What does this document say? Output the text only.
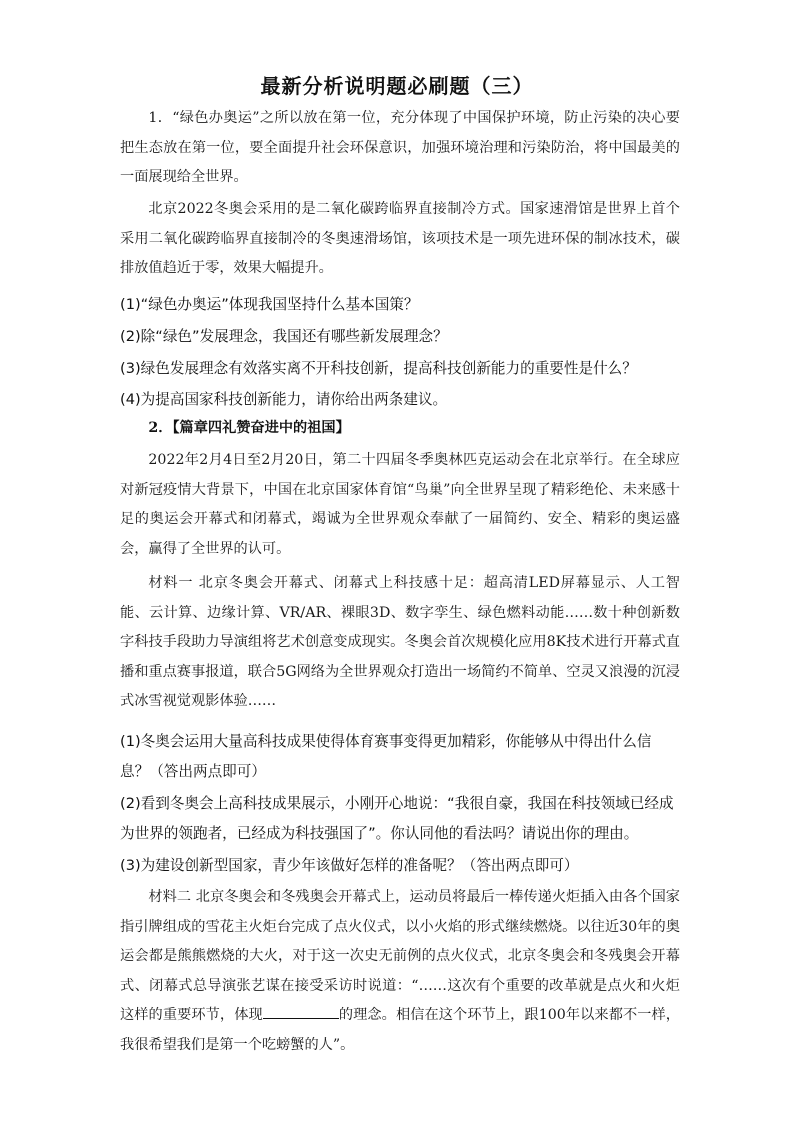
最新分析说明题必刷题（三）

1．“绿色办奥运”之所以放在第一位，充分体现了中国保护环境，防止污染的决心要把生态放在第一位，要全面提升社会环保意识，加强环境治理和污染防治，将中国最美的一面展现给全世界。

北京2022冬奥会采用的是二氧化碳跨临界直接制冷方式。国家速滑馆是世界上首个采用二氧化碳跨临界直接制冷的冬奥速滑场馆，该项技术是一项先进环保的制冰技术，碳排放值趋近于零，效果大幅提升。

(1)“绿色办奥运”体现我国坚持什么基本国策？

(2)除“绿色”发展理念，我国还有哪些新发展理念？

(3)绿色发展理念有效落实离不开科技创新，提高科技创新能力的重要性是什么？

(4)为提高国家科技创新能力，请你给出两条建议。

2．【篇章四礼赞奋进中的祖国】

2022年2月4日至2月20日，第二十四届冬季奥林匹克运动会在北京举行。在全球应对新冠疫情大背景下，中国在北京国家体育馆“鸟巢”向全世界呈现了精彩绝伦、未来感十足的奥运会开幕式和闭幕式，竭诚为全世界观众奉献了一届简约、安全、精彩的奥运盛会，赢得了全世界的认可。

材料一 北京冬奥会开幕式、闭幕式上科技感十足：超高清LED屏幕显示、人工智能、云计算、边缘计算、VR/AR、裸眼3D、数字孪生、绿色燃料动能……数十种创新数字科技手段助力导演组将艺术创意变成现实。冬奥会首次规模化应用8K技术进行开幕式直播和重点赛事报道，联合5G网络为全世界观众打造出一场简约不简单、空灵又浪漫的沉浸式冰雪视觉观影体验……

(1)冬奥会运用大量高科技成果使得体育赛事变得更加精彩，你能够从中得出什么信息？（答出两点即可）

(2)看到冬奥会上高科技成果展示，小刚开心地说：“我很自豪，我国在科技领域已经成为世界的领跑者，已经成为科技强国了”。你认同他的看法吗？请说出你的理由。

(3)为建设创新型国家，青少年该做好怎样的准备呢？（答出两点即可）

材料二 北京冬奥会和冬残奥会开幕式上，运动员将最后一棒传递火炬插入由各个国家指引牌组成的雪花主火炬台完成了点火仪式，以小火焰的形式继续燃烧。以往近30年的奥运会都是熊熊燃烧的大火，对于这一次史无前例的点火仪式，北京冬奥会和冬残奥会开幕式、闭幕式总导演张艺谋在接受采访时说道：“……这次有个重要的改革就是点火和火炬这样的重要环节，体现	的理念。相信在这个环节上，跟100年以来都不一样，我很希望我们是第一个吃螃蟹的人”。
